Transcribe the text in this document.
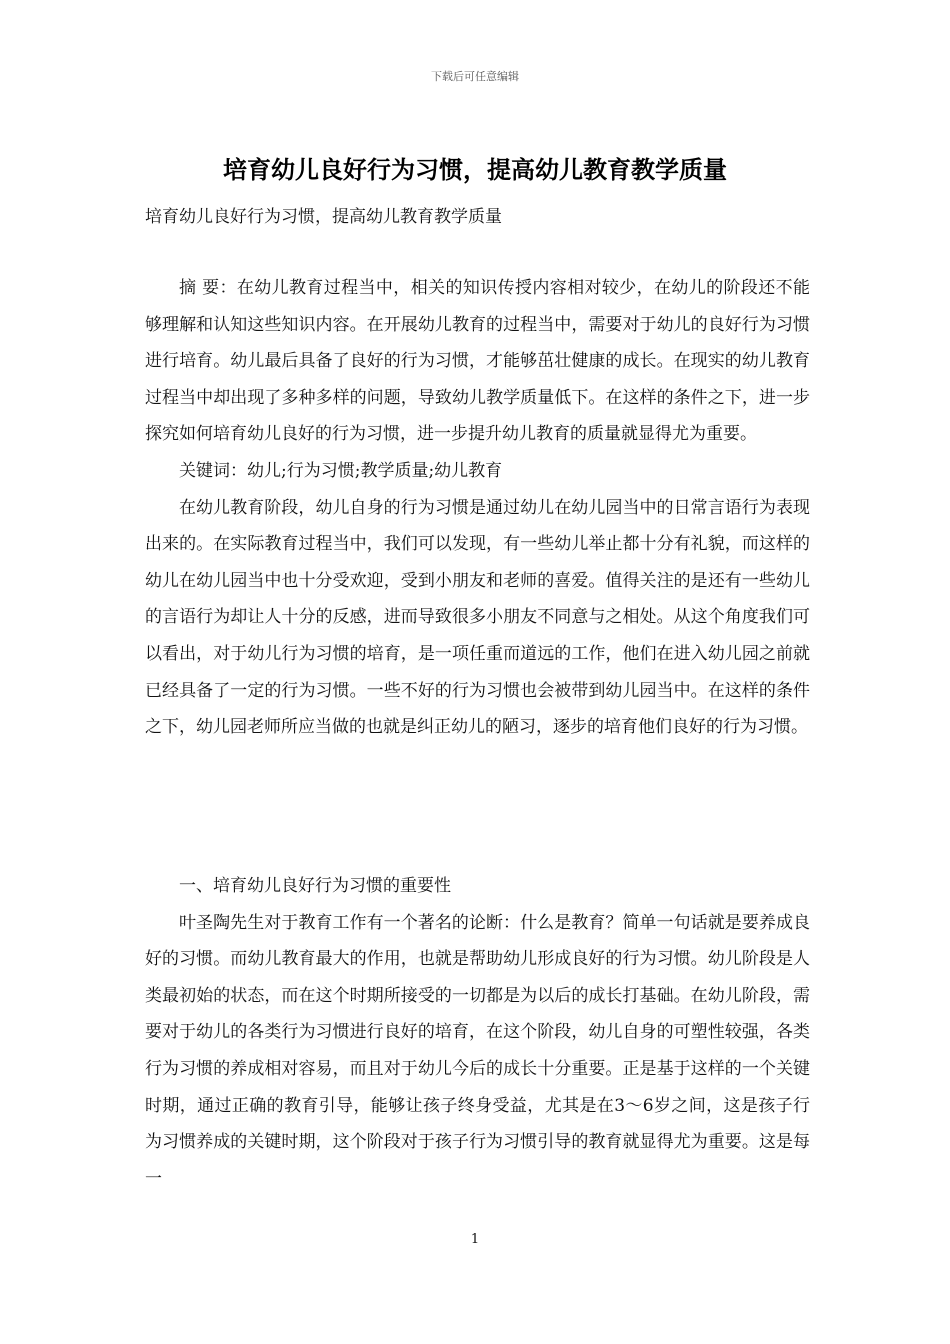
下载后可任意编辑
培育幼儿良好行为习惯，提高幼儿教育教学质量
培育幼儿良好行为习惯，提高幼儿教育教学质量

摘 要：在幼儿教育过程当中，相关的知识传授内容相对较少，在幼儿的阶段还不能够理解和认知这些知识内容。在开展幼儿教育的过程当中，需要对于幼儿的良好行为习惯进行培育。幼儿最后具备了良好的行为习惯，才能够茁壮健康的成长。在现实的幼儿教育过程当中却出现了多种多样的问题，导致幼儿教学质量低下。在这样的条件之下，进一步探究如何培育幼儿良好的行为习惯，进一步提升幼儿教育的质量就显得尤为重要。

关键词：幼儿;行为习惯;教学质量;幼儿教育

在幼儿教育阶段，幼儿自身的行为习惯是通过幼儿在幼儿园当中的日常言语行为表现出来的。在实际教育过程当中，我们可以发现，有一些幼儿举止都十分有礼貌，而这样的幼儿在幼儿园当中也十分受欢迎，受到小朋友和老师的喜爱。值得关注的是还有一些幼儿的言语行为却让人十分的反感，进而导致很多小朋友不同意与之相处。从这个角度我们可以看出，对于幼儿行为习惯的培育，是一项任重而道远的工作，他们在进入幼儿园之前就已经具备了一定的行为习惯。一些不好的行为习惯也会被带到幼儿园当中。在这样的条件之下，幼儿园老师所应当做的也就是纠正幼儿的陋习，逐步的培育他们良好的行为习惯。

一、培育幼儿良好行为习惯的重要性

叶圣陶先生对于教育工作有一个著名的论断：什么是教育？简单一句话就是要养成良好的习惯。而幼儿教育最大的作用，也就是帮助幼儿形成良好的行为习惯。幼儿阶段是人类最初始的状态，而在这个时期所接受的一切都是为以后的成长打基础。在幼儿阶段，需要对于幼儿的各类行为习惯进行良好的培育，在这个阶段，幼儿自身的可塑性较强，各类行为习惯的养成相对容易，而且对于幼儿今后的成长十分重要。正是基于这样的一个关键时期，通过正确的教育引导，能够让孩子终身受益，尤其是在3～6岁之间，这是孩子行为习惯养成的关键时期，这个阶段对于孩子行为习惯引导的教育就显得尤为重要。这是每一

1
